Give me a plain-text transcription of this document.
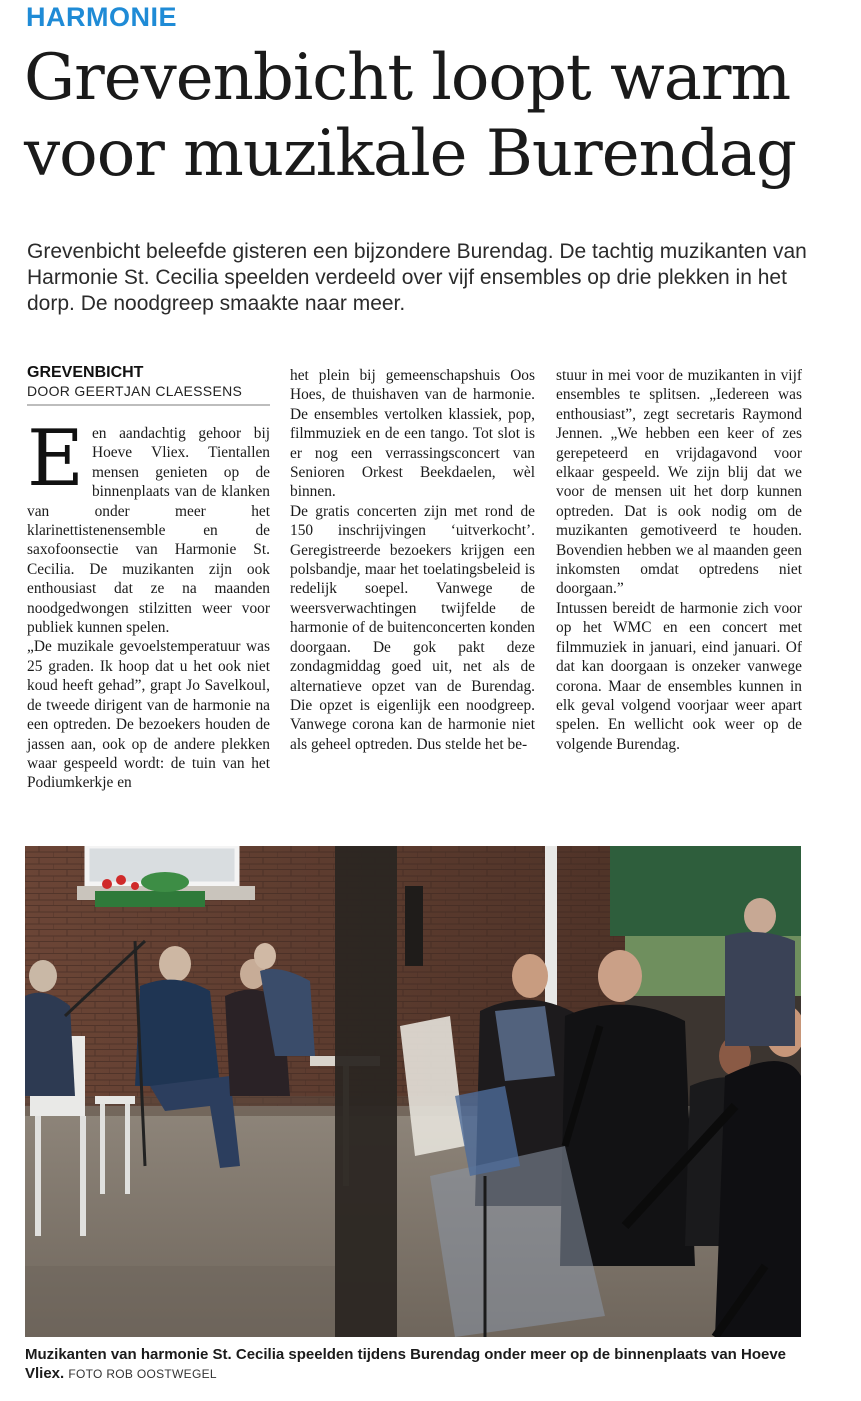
HARMONIE
Grevenbicht loopt warm voor muzikale Burendag

Grevenbicht beleefde gisteren een bijzondere Burendag. De tachtig muzikanten van Harmonie St. Cecilia speelden verdeeld over vijf ensembles op drie plekken in het dorp. De noodgreep smaakte naar meer.

GREVENBICHT
DOOR GEERTJAN CLAESSENS

Een aandachtig gehoor bij Hoeve Vliex. Tientallen mensen genieten op de binnenplaats van de klanken van onder meer het klarinettistenensemble en de saxofoonsectie van Harmonie St. Cecilia. De muzikanten zijn ook enthousiast dat ze na maanden noodgedwongen stilzitten weer voor publiek kunnen spelen.

„De muzikale gevoelstemperatuur was 25 graden. Ik hoop dat u het ook niet koud heeft gehad”, grapt Jo Savelkoul, de tweede dirigent van de harmonie na een optreden. De bezoekers houden de jassen aan, ook op de andere plekken waar gespeeld wordt: de tuin van het Podiumkerkje en

het plein bij gemeenschapshuis Oos Hoes, de thuishaven van de harmonie. De ensembles vertolken klassiek, pop, filmmuziek en de een tango. Tot slot is er nog een verrassingsconcert van Senioren Orkest Beekdaelen, wèl binnen.

De gratis concerten zijn met rond de 150 inschrijvingen ‘uitverkocht’. Geregistreerde bezoekers krijgen een polsbandje, maar het toelatingsbeleid is redelijk soepel. Vanwege de weersverwachtingen twijfelde de harmonie of de buitenconcerten konden doorgaan. De gok pakt deze zondagmiddag goed uit, net als de alternatieve opzet van de Burendag. Die opzet is eigenlijk een noodgreep. Vanwege corona kan de harmonie niet als geheel optreden. Dus stelde het be-

stuur in mei voor de muzikanten in vijf ensembles te splitsen. „Iedereen was enthousiast”, zegt secretaris Raymond Jennen. „We hebben een keer of zes gerepeteerd en vrijdagavond voor elkaar gespeeld. We zijn blij dat we voor de mensen uit het dorp kunnen optreden. Dat is ook nodig om de muzikanten gemotiveerd te houden. Bovendien hebben we al maanden geen inkomsten omdat optredens niet doorgaan.”

Intussen bereidt de harmonie zich voor op het WMC en een concert met filmmuziek in januari, eind januari. Of dat kan doorgaan is onzeker vanwege corona. Maar de ensembles kunnen in elk geval volgend voorjaar weer apart spelen. En wellicht ook weer op de volgende Burendag.

Muzikanten van harmonie St. Cecilia speelden tijdens Burendag onder meer op de binnenplaats van Hoeve Vliex. FOTO ROB OOSTWEGEL
